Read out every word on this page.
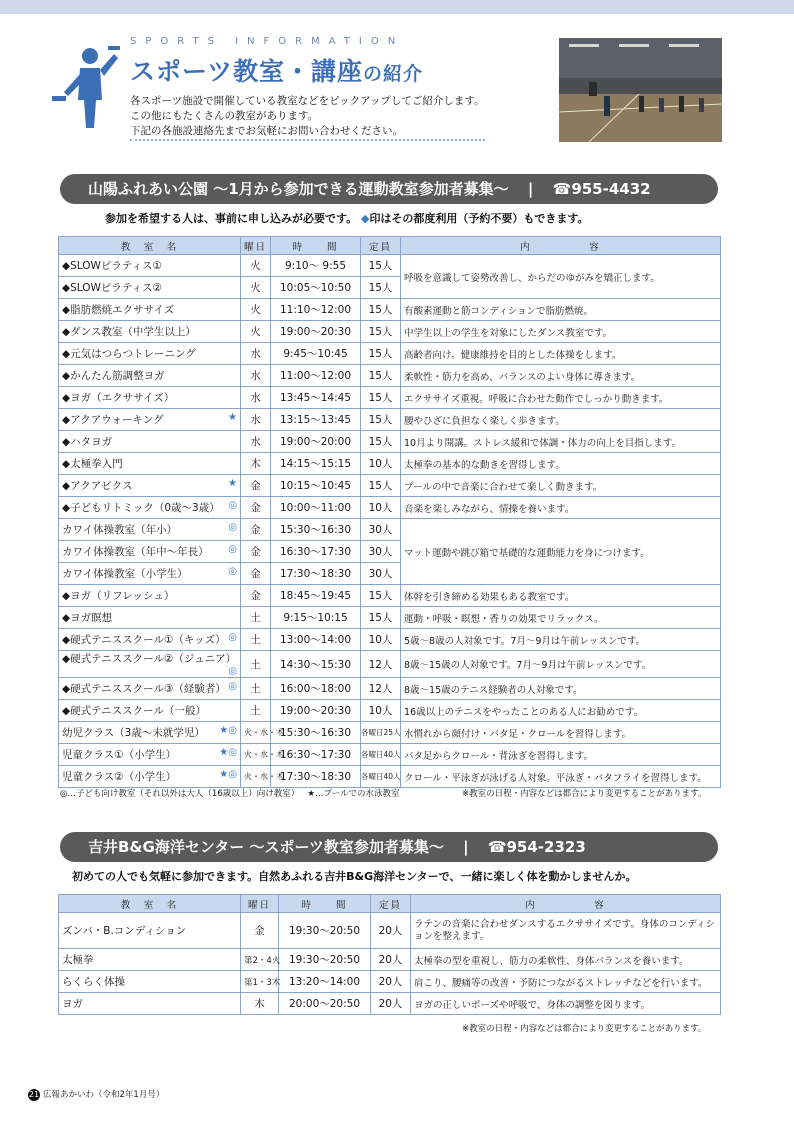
SPORTS INFORMATION
スポーツ教室・講座の紹介
各スポーツ施設で開催している教室などをピックアップしてご紹介します。
この他にもたくさんの教室があります。
下記の各施設連絡先までお気軽にお問い合わせください。
山陽ふれあい公園 〜1月から参加できる運動教室参加者募集〜 | ☎955-4432
参加を希望する人は、事前に申し込みが必要です。 ◆印はその都度利用（予約不要）もできます。
教　室　名	曜日	時　　間	定員	内　　　　　容
◆SLOWピラティス①	火	9:10〜 9:55	15人	呼吸を意識して姿勢改善し、からだのゆがみを矯正します。
◆SLOWピラティス②	火	10:05〜10:50	15人	
◆脂肪燃焼エクササイズ	火	11:10〜12:00	15人	有酸素運動と筋コンディションで脂肪燃焼。
◆ダンス教室（中学生以上）	火	19:00〜20:30	15人	中学生以上の学生を対象にしたダンス教室です。
◆元気はつらつトレーニング	水	9:45〜10:45	15人	高齢者向け。健康維持を目的とした体操をします。
◆かんたん筋調整ヨガ	水	11:00〜12:00	15人	柔軟性・筋力を高め、バランスのよい身体に導きます。
◆ヨガ（エクササイズ）	水	13:45〜14:45	15人	エクササイズ重視。呼吸に合わせた動作でしっかり動きます。
◆アクアウォーキング ★	水	13:15〜13:45	15人	腰やひざに負担なく楽しく歩きます。
◆ハタヨガ	水	19:00〜20:00	15人	10月より開講。ストレス緩和で体調・体力の向上を目指します。
◆太極拳入門	木	14:15〜15:15	10人	太極拳の基本的な動きを習得します。
◆アクアビクス ★	金	10:15〜10:45	15人	プールの中で音楽に合わせて楽しく動きます。
◆子どもリトミック（0歳〜3歳） ◎	金	10:00〜11:00	10人	音楽を楽しみながら、情操を養います。
カワイ体操教室（年小） ◎	金	15:30〜16:30	30人	マット運動や跳び箱で基礎的な運動能力を身につけます。
カワイ体操教室（年中〜年長） ◎	金	16:30〜17:30	30人	
カワイ体操教室（小学生） ◎	金	17:30〜18:30	30人	
◆ヨガ（リフレッシュ）	金	18:45〜19:45	15人	体幹を引き締める効果もある教室です。
◆ヨガ瞑想	土	9:15〜10:15	15人	運動・呼吸・瞑想・香りの効果でリラックス。
◆硬式テニススクール①（キッズ） ◎	土	13:00〜14:00	10人	5歳〜8歳の人対象です。7月〜9月は午前レッスンです。
◆硬式テニススクール②（ジュニア）
◎	土	14:30〜15:30	12人	8歳〜15歳の人対象です。7月〜9月は午前レッスンです。
◆硬式テニススクール③（経験者） ◎	土	16:00〜18:00	12人	8歳〜15歳のテニス経験者の人対象です。
◆硬式テニススクール（一般）	土	19:00〜20:30	10人	16歳以上のテニスをやったことのある人にお勧めです。
幼児クラス（3歳〜未就学児） ★◎	火・水・木	15:30〜16:30	各曜日25人	水慣れから顔付け・バタ足・クロールを習得します。
児童クラス①（小学生） ★◎	火・水・木	16:30〜17:30	各曜日40人	バタ足からクロール・背泳ぎを習得します。
児童クラス②（小学生） ★◎	火・水・木	17:30〜18:30	各曜日40人	クロール・平泳ぎが泳げる人対象。平泳ぎ・バタフライを習得します。
◎…子ども向け教室（それ以外は大人（16歳以上）向け教室） ★…プールでの水泳教室	※教室の日程・内容などは都合により変更することがあります。
吉井B&G海洋センター 〜スポーツ教室参加者募集〜 | ☎954-2323
初めての人でも気軽に参加できます。自然あふれる吉井B&G海洋センターで、一緒に楽しく体を動かしませんか。
教　室　名	曜日	時　　間	定員	内　　　　　容
ズンバ・B.コンディション	金	19:30〜20:50	20人	ラテンの音楽に合わせダンスするエクササイズです。身体のコンディションを整えます。
太極拳	第2・4火	19:30〜20:50	20人	太極拳の型を重視し、筋力の柔軟性、身体バランスを養います。
らくらく体操	第1・3木	13:20〜14:00	20人	肩こり、腰痛等の改善・予防につながるストレッチなどを行います。
ヨガ	木	20:00〜20:50	20人	ヨガの正しいポーズや呼吸で、身体の調整を図ります。
※教室の日程・内容などは都合により変更することがあります。
21 広報あかいわ（令和2年1月号）
